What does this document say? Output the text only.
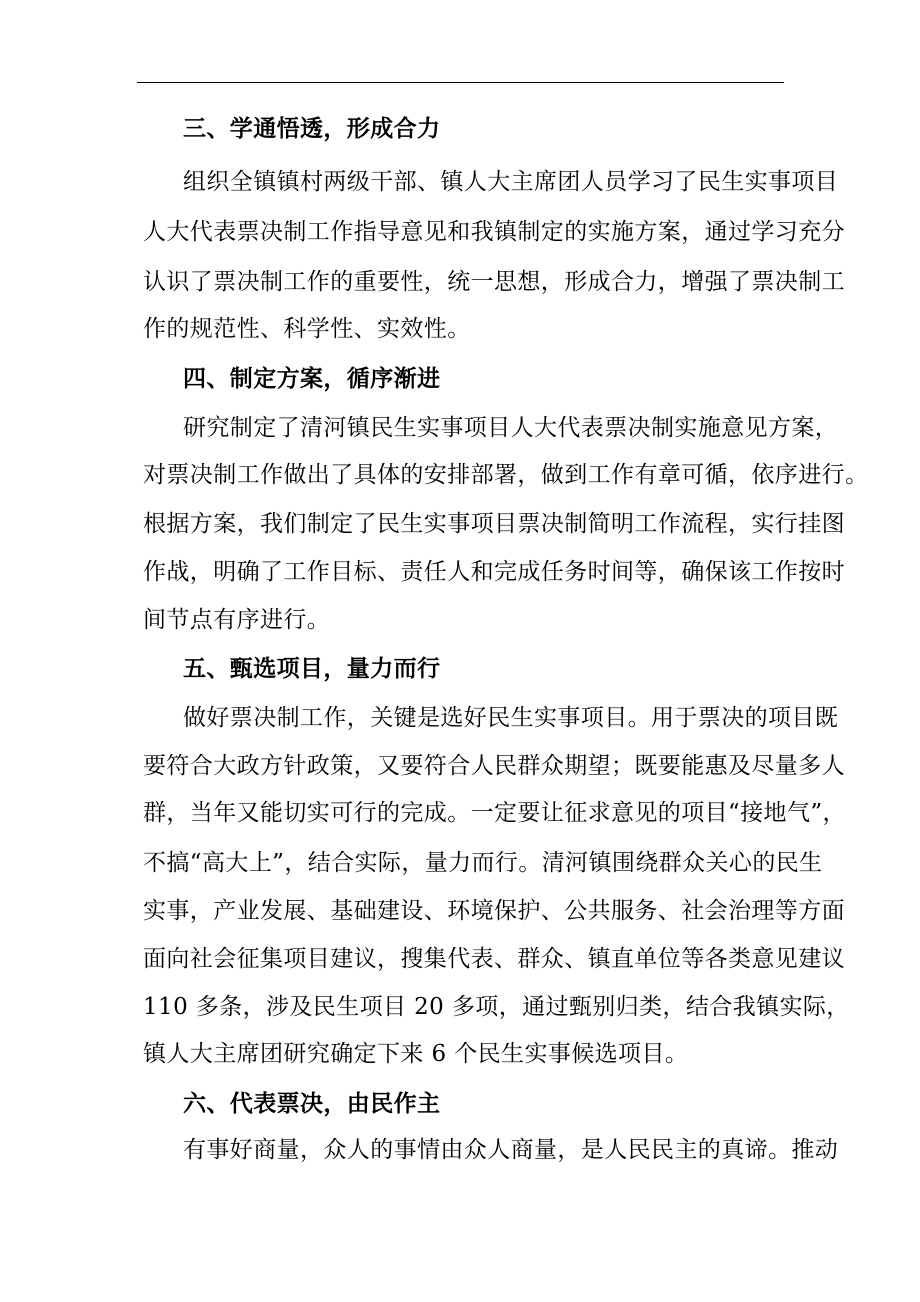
三、学通悟透，形成合力
组织全镇镇村两级干部、镇人大主席团人员学习了民生实事项目
人大代表票决制工作指导意见和我镇制定的实施方案，通过学习充分
认识了票决制工作的重要性，统一思想，形成合力，增强了票决制工
作的规范性、科学性、实效性。
四、制定方案，循序渐进
研究制定了清河镇民生实事项目人大代表票决制实施意见方案，
对票决制工作做出了具体的安排部署，做到工作有章可循，依序进行。
根据方案，我们制定了民生实事项目票决制简明工作流程，实行挂图
作战，明确了工作目标、责任人和完成任务时间等，确保该工作按时
间节点有序进行。
五、甄选项目，量力而行
做好票决制工作，关键是选好民生实事项目。用于票决的项目既
要符合大政方针政策，又要符合人民群众期望；既要能惠及尽量多人
群，当年又能切实可行的完成。一定要让征求意见的项目“接地气”，
不搞“高大上”，结合实际，量力而行。清河镇围绕群众关心的民生
实事，产业发展、基础建设、环境保护、公共服务、社会治理等方面
面向社会征集项目建议，搜集代表、群众、镇直单位等各类意见建议
110 多条，涉及民生项目 20 多项，通过甄别归类，结合我镇实际，
镇人大主席团研究确定下来 6 个民生实事候选项目。
六、代表票决，由民作主
有事好商量，众人的事情由众人商量，是人民民主的真谛。推动
